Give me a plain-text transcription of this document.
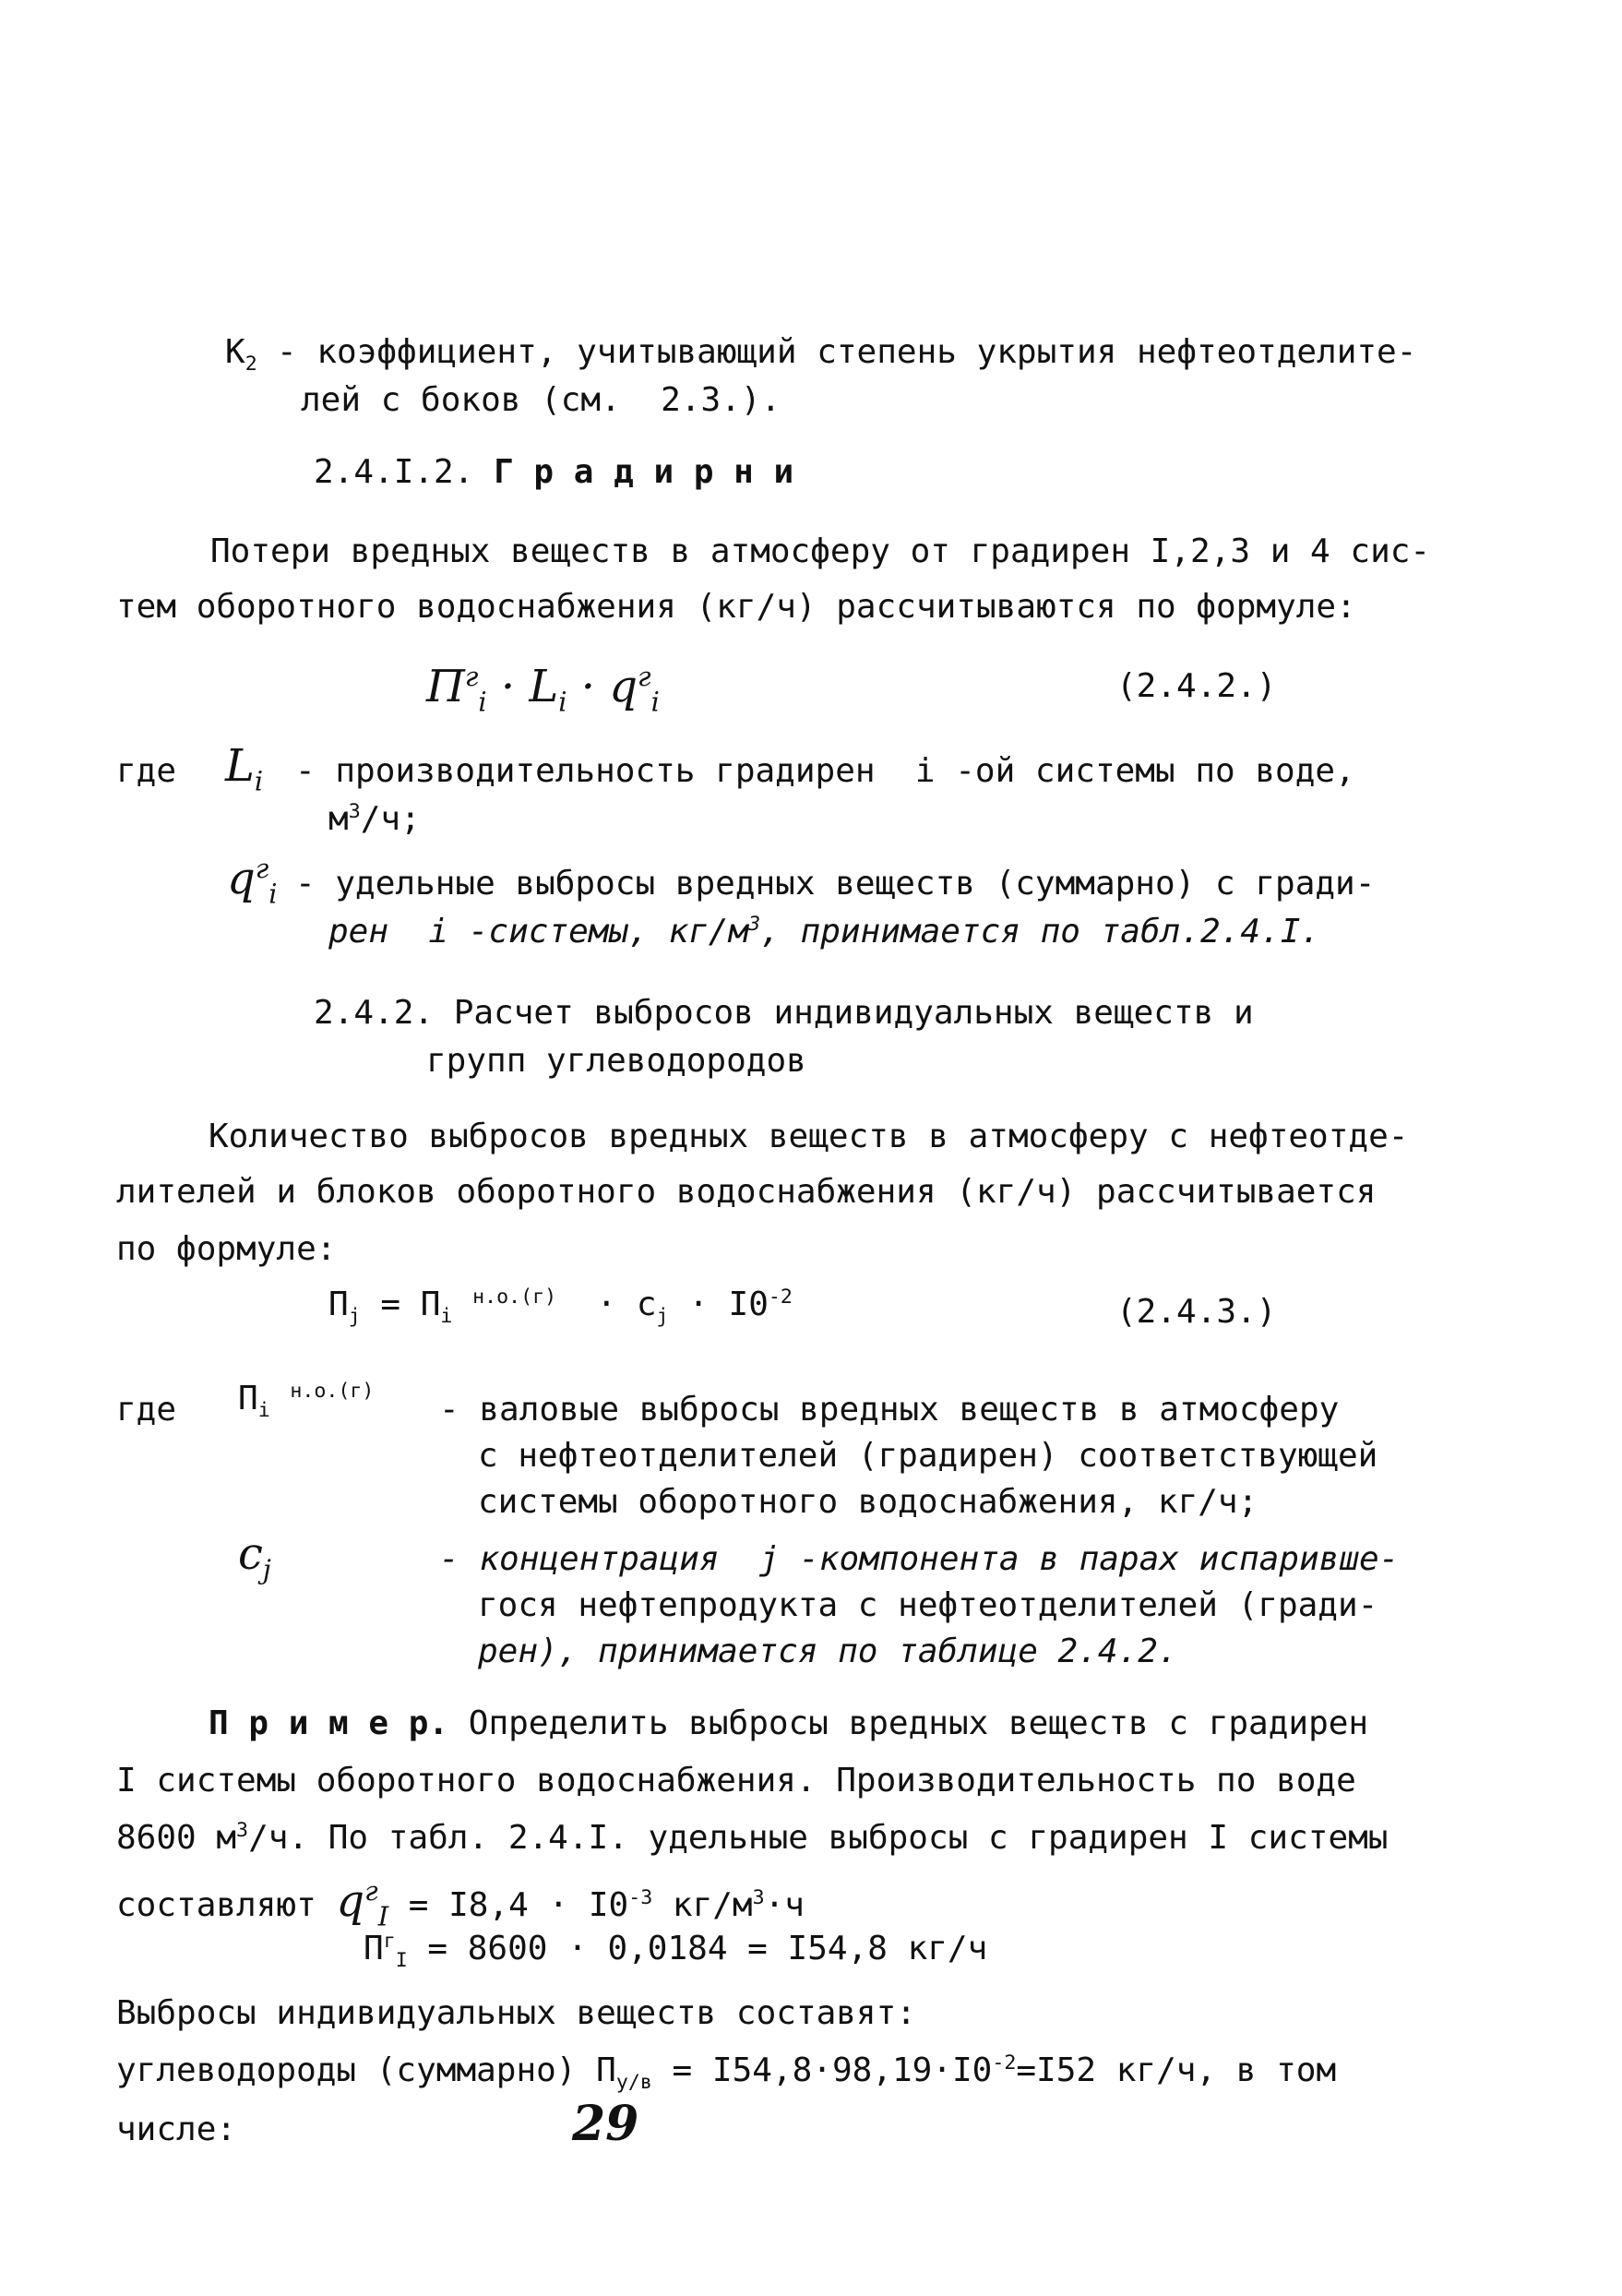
$К_2$ - коэффициент, учитывающий степень укрытия нефтеотделите-
лей с боков (см.  2.3.).
2.4.I.2. Г р а д и р н и
Потери вредных веществ в атмосферу от градирен I,2,3 и 4 сис-
тем оборотного водоснабжения (кг/ч) рассчитываются по формуле:
$П^г_i \cdot L_i \cdot q^г_i$	(2.4.2.)
где $L_i$ - производительность градирен  i -ой системы по воде,
$м^3/ч$;
$q^г_i$ - удельные выбросы вредных веществ (суммарно) с гради-
рен  i -системы, $кг/м^3$, принимается по табл.2.4.I.
2.4.2. Расчет выбросов индивидуальных веществ и
групп углеводородов
Количество выбросов вредных веществ в атмосферу с нефтеотде-
лителей и блоков оборотного водоснабжения (кг/ч) рассчитывается
по формуле:
$П_j = П_i$ $^{н.о.(г)} \cdot c_j \cdot I0^{-2}$	(2.4.3.)
где $П_i$ $^{н.о.(г)}$ - валовые выбросы вредных веществ в атмосферу
с нефтеотделителей (градирен) соответствующей
системы оборотного водоснабжения, кг/ч;
$c_j$	- концентрация  j -компонента в парах испарившe-
гося нефтепродукта с нефтеотделителей (гради-
рен), принимается по таблице 2.4.2.
П р и м е р. Определить выбросы вредных веществ с градирен
I системы оборотного водоснабжения. Производительность по воде
8600 $м^3/ч$. По табл. 2.4.I. удельные выбросы с градирен I системы
составляют $q^г_I = I8,4 \cdot I0^{-3}$ $кг/м^3\cdot ч$
$П^г_I = 8600 \cdot 0,0184 = I54,8$ кг/ч
Выбросы индивидуальных веществ составят:
углеводороды (суммарно) $П_{у/в} = I54,8\cdot 98,19\cdot I0^{-2}=I52$ кг/ч, в том
числе:	29
